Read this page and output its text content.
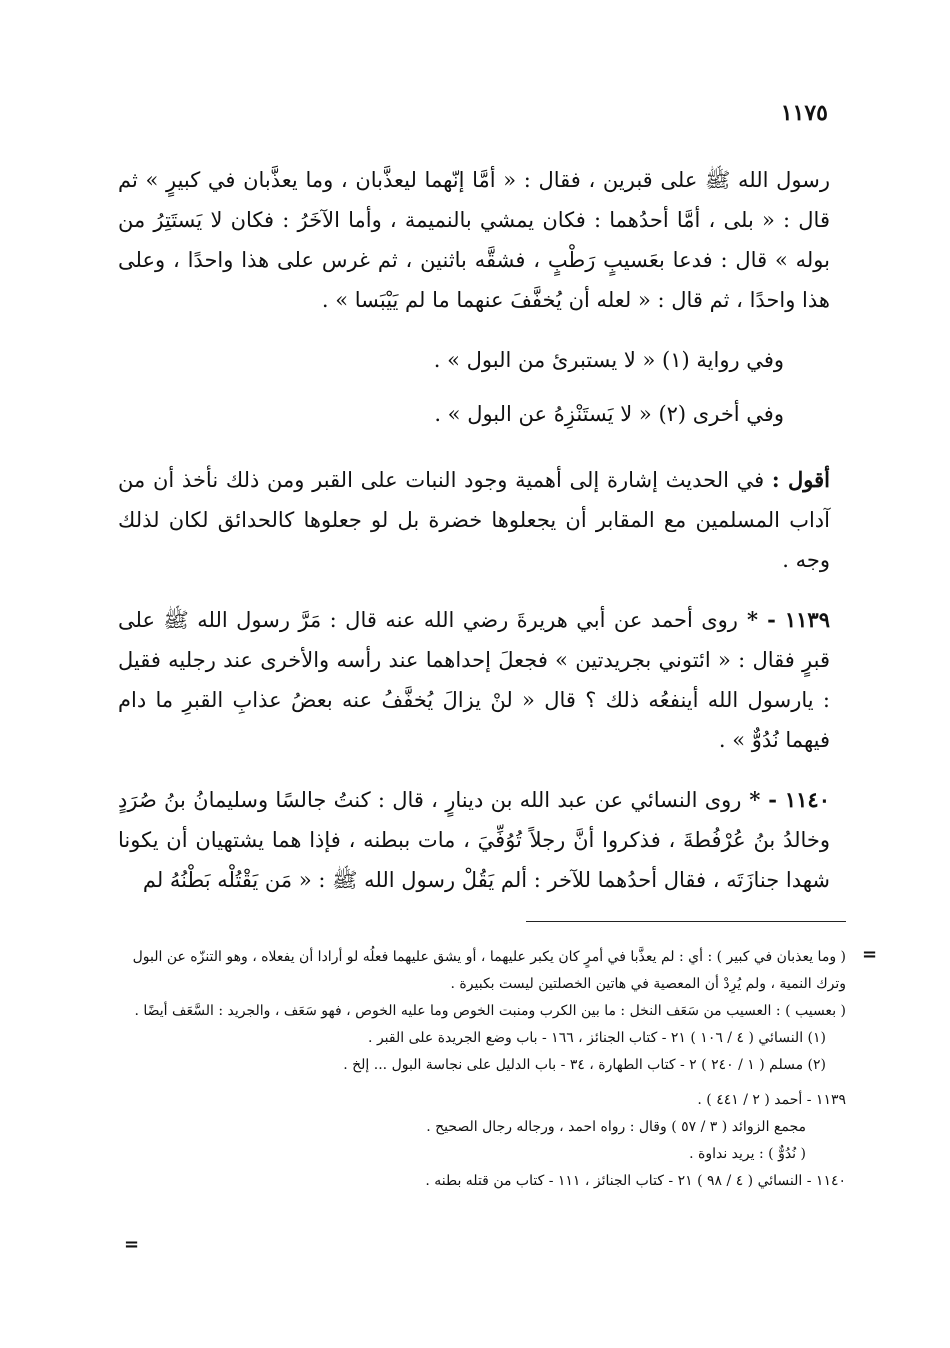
١١٧٥

رسول الله ﷺ على قبرين ، فقال : « أمَّا إنّهما ليعذَّبان ، وما يعذَّبان في كبيرٍ » ثم قال : « بلى ، أمَّا أحدُهما : فكان يمشي بالنميمة ، وأما الآخَرُ : فكان لا يَستَتِرُ من بوله » قال : فدعا بعَسيبٍ رَطْبٍ ، فشقَّه باثنين ، ثم غرس على هذا واحدًا ، وعلى هذا واحدًا ، ثم قال : « لعله أن يُخفَّفَ عنهما ما لم يَيْبَسا » .

وفي رواية (١) « لا يستبرئ من البول » .

وفي أخرى (٢) « لا يَستَنْزِهُ عن البول » .

أقول : في الحديث إشارة إلى أهمية وجود النبات على القبر ومن ذلك نأخذ أن من آداب المسلمين مع المقابر أن يجعلوها خضرة بل لو جعلوها كالحدائق لكان لذلك وجه .

١١٣٩ - * روى أحمد عن أبي هريرةَ رضي الله عنه قال : مَرَّ رسول الله ﷺ على قبرٍ فقال : « ائتوني بجريدتين » فجعلَ إحداهما عند رأسه والأخرى عند رجليه فقيل : يارسول الله أينفعُه ذلك ؟ قال « لنْ يزالَ يُخفَّفُ عنه بعضُ عذابِ القبرِ ما دام فيهما نُدُوٌّ » .

١١٤٠ - * روى النسائي عن عبد الله بن دينارٍ ، قال : كنتُ جالسًا وسليمانُ بنُ صُرَدٍ وخالدُ بنُ عُرْفُطةَ ، فذكروا أنَّ رجلاً تُوُفِّيَ ، مات ببطنه ، فإذا هما يشتهيان أن يكونا شهدا جنازَتَه ، فقال أحدُهما للآخر : ألم يَقُلْ رسول الله ﷺ : « مَن يَقْتُلْه بَطْنُهُ لم

=
=

( وما يعذبان في كبير ) : أي : لم يعذَّبا في أمرٍ كان يكبر عليهما ، أو يشق عليهما فعلُه لو أرادا أن يفعلاه ، وهو التنزّه عن البول وترك النمية ، ولم يُرِدْ أن المعصية في هاتين الخصلتين ليست بكبيرة .

( بعسيب ) : العسيب من سَعَف النخل : ما بين الكرب ومنبت الخوص وما عليه الخوص ، فهو سَعَف ، والجريد : السَّعَف أيضًا .

(١) النسائي ( ٤ / ١٠٦ ) ٢١ - كتاب الجنائز ، ١٦٦ - باب وضع الجريدة على القبر .

(٢) مسلم ( ١ / ٢٤٠ ) ٢ - كتاب الطهارة ، ٣٤ - باب الدليل على نجاسة البول ... إلخ .

١١٣٩ - أحمد ( ٢ / ٤٤١ ) .

مجمع الزوائد ( ٣ / ٥٧ ) وقال : رواه احمد ، ورجاله رجال الصحيح .

( نُدُوٌّ ) : يريد نداوة .

١١٤٠ - النسائي ( ٤ / ٩٨ ) ٢١ - كتاب الجنائز ، ١١١ - كتاب من قتله بطنه .
